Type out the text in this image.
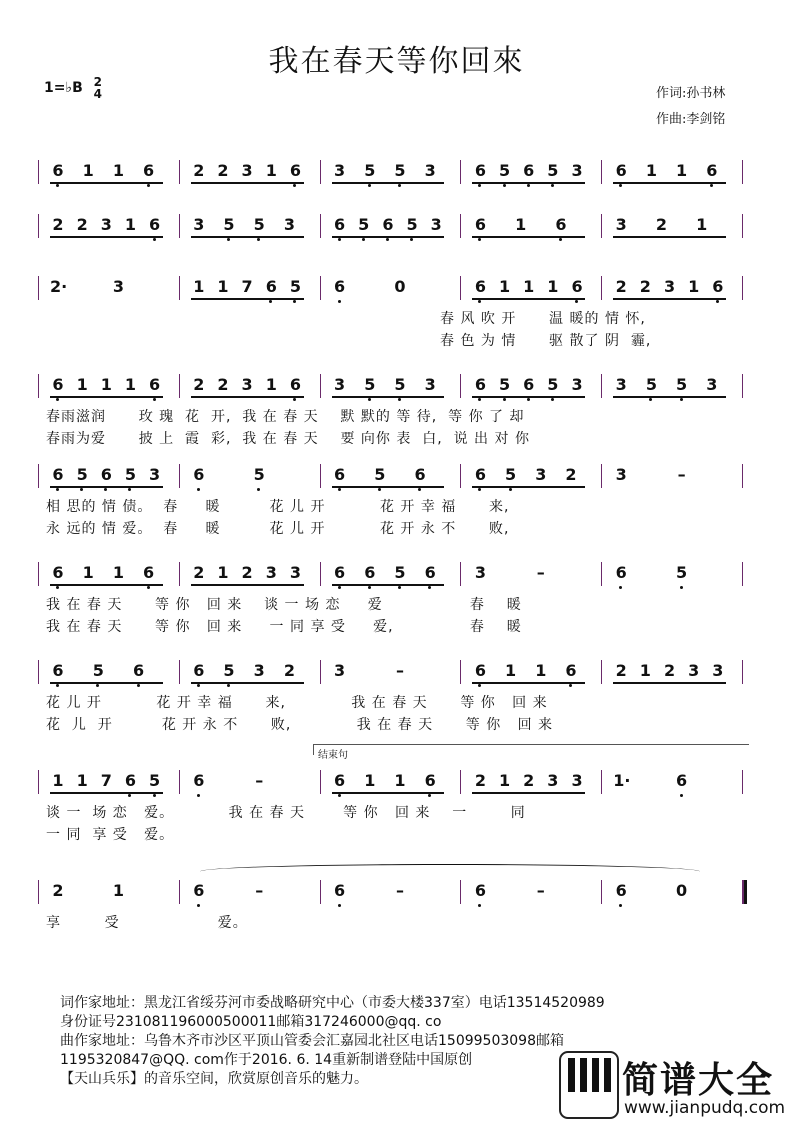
我在春天等你回來
1=♭B 2
4	作词:孙书林
作曲:李剑铭
6 1 1 6 2 2 3 1 6 3 5 5 3 6 5 6 5 3 6 1 1 6
2 2 3 1 6 3 5 5 3 6 5 6 5 3 6 1 6	3 2 1
2·	3	1 1 7 6 5 6	0	6 1 1 1 6 2 2 3 1 6
春 风 吹 开      温 暖的 情 怀,
春 色 为 情      驱 散了 阴  霾,
6 1 1 1 6 2 2 3 1 6 3 5 5 3 6 5 6 5 3 3 5 5 3
春雨滋润      玫 瑰  花  开,  我 在 春 天    默 默的 等 待,  等 你 了 却
春雨为爱      披 上  霞  彩,  我 在 春 天    要 向你 表  白,  说 出 对 你
6 5 6 5 3 6	5	6 5 6	6 5 3 2 3	–
相 思的 情 债。  春     暖         花 儿 开          花 开 幸 福      来,
永 远的 情 爱。  春     暖         花 儿 开          花 开 永 不      败,
6 1 1 6 2 1 2 3 3 6 6 5 6 3	–	6	5
我 在 春 天      等 你   回 来    谈 一 场 恋     爱                春    暖
我 在 春 天      等 你   回 来     一 同 享 受     爱,              春    暖
6 5 6	6 5 3 2 3	–	6 1 1 6 2 1 2 3 3
花 儿 开          花 开 幸 福      来,            我 在 春 天      等 你   回 来
花  儿  开         花 开 永 不      败,            我 在 春 天      等 你   回 来
1 1 7 6 5 6	–	6 1 1 6 2 1 2 3 3 1·	6
谈 一  场 恋   爱。          我 在 春 天       等 你   回 来    一        同
一 同  享 受   爱。
2	1	6	–	6	–	6	–	6	0
享        受                  爱。
结束句
词作家地址：黑龙江省绥芬河市委战略研究中心（市委大楼337室）电话13514520989
身份证号231081196000500011邮箱317246000@qq. co
曲作家地址：乌鲁木齐市沙区平顶山管委会汇嘉园北社区电话15099503098邮箱
1195320847@QQ. com作于2016. 6. 14重新制谱登陆中国原创
【天山兵乐】的音乐空间，欣赏原创音乐的魅力。	简谱大全
www.jianpudq.com
